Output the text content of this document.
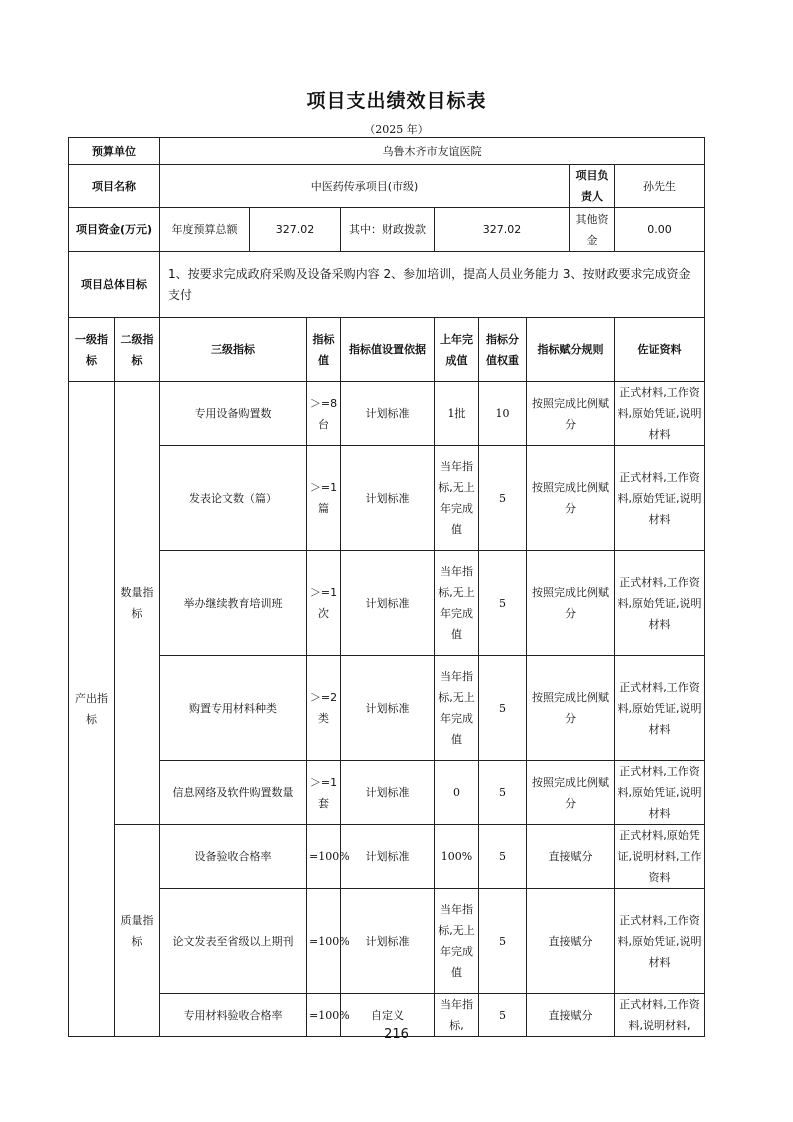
项目支出绩效目标表
（2025 年）
预算单位		乌鲁木齐市友谊医院								
项目名称		中医药传承项目(市级)							项目负责人	孙先生
项目资金(万元)		年度预算总额	327.02		其中：财政拨款	327.02			其他资金	0.00
项目总体目标		1、按要求完成政府采购及设备采购内容 2、参加培训，提高人员业务能力 3、按财政要求完成资金支付								
一级指标	二级指标	三级指标		指标值	指标值设置依据	上年完成值	指标分值权重	指标赋分规则		佐证资料
产出指标	数量指标	专用设备购置数		＞=8台	计划标准	1批	10	按照完成比例赋分		正式材料,工作资料,原始凭证,说明材料
		发表论文数（篇）		＞=1篇	计划标准	当年指标,无上年完成值	5	按照完成比例赋分		正式材料,工作资料,原始凭证,说明材料
		举办继续教育培训班		＞=1次	计划标准	当年指标,无上年完成值	5	按照完成比例赋分		正式材料,工作资料,原始凭证,说明材料
		购置专用材料种类		＞=2类	计划标准	当年指标,无上年完成值	5	按照完成比例赋分		正式材料,工作资料,原始凭证,说明材料
		信息网络及软件购置数量		＞=1套	计划标准	0	5	按照完成比例赋分		正式材料,工作资料,原始凭证,说明材料
	质量指标	设备验收合格率		=100%	计划标准	100%	5	直接赋分		正式材料,原始凭证,说明材料,工作资料
		论文发表至省级以上期刊		=100%	计划标准	当年指标,无上年完成值	5	直接赋分		正式材料,工作资料,原始凭证,说明材料
		专用材料验收合格率		=100%	自定义	当年指标,	5	直接赋分		正式材料,工作资料,说明材料,
216
